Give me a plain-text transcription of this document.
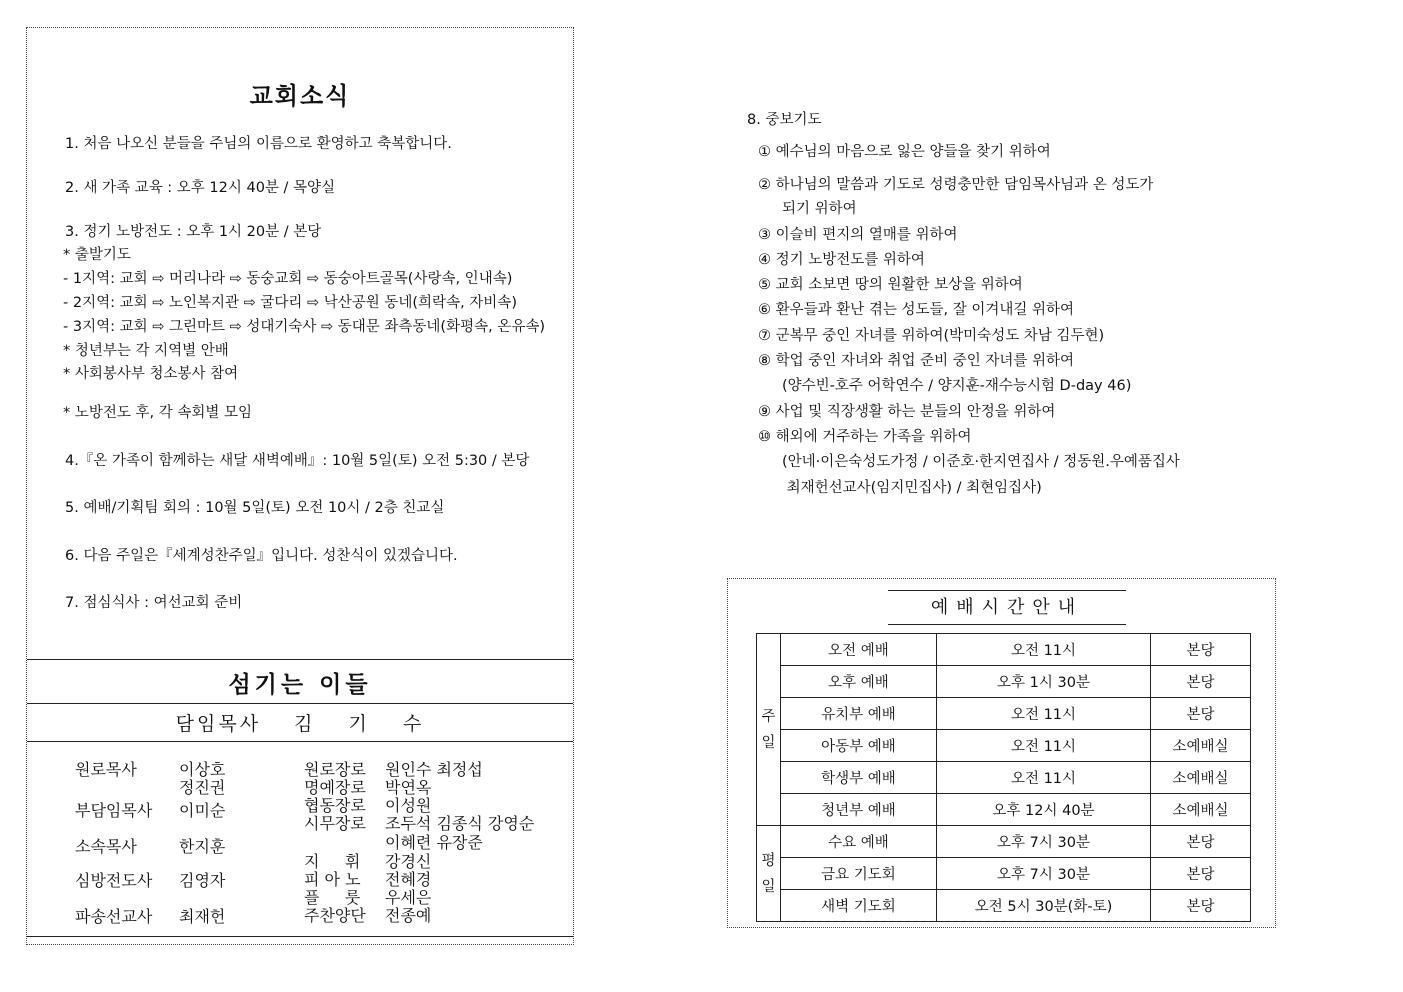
교회소식
1. 처음 나오신 분들을 주님의 이름으로 환영하고 축복합니다.
2. 새 가족 교육 : 오후 12시 40분 / 목양실
3. 정기 노방전도 : 오후 1시 20분 / 본당
* 출발기도
- 1지역: 교회 ⇨ 머리나라 ⇨ 동숭교회 ⇨ 동숭아트골목(사랑속, 인내속)
- 2지역: 교회 ⇨ 노인복지관 ⇨ 굴다리 ⇨ 낙산공원 동네(희락속, 자비속)
- 3지역: 교회 ⇨ 그린마트 ⇨ 성대기숙사 ⇨ 동대문 좌측동네(화평속, 온유속)
* 청년부는 각 지역별 안배
* 사회봉사부 청소봉사 참여
* 노방전도 후, 각 속회별 모임
4.『온 가족이 함께하는 새달 새벽예배』: 10월 5일(토) 오전 5:30 / 본당
5. 예배/기획팀 회의 : 10월 5일(토) 오전 10시 / 2층 친교실
6. 다음 주일은『세계성찬주일』입니다. 성찬식이 있겠습니다.
7. 점심식사 : 여선교회 준비
섬기는 이들
담임목사 김 기 수
원로목사	이상호
정진권
부담임목사 이미순
소속목사	한지훈
심방전도사 김영자
파송선교사 최재헌
원로장로 원인수 최정섭
명예장로 박연옥
협동장로 이성원
시무장로 조두석 김종식 강영순
이혜련 유장준
지     휘 강경신
피 아 노 전혜경
플     룻 우세은
주찬양단 전종예
8. 중보기도
① 예수님의 마음으로 잃은 양들을 찾기 위하여
② 하나님의 말씀과 기도로 성령충만한 담임목사님과 온 성도가
되기 위하여
③ 이슬비 편지의 열매를 위하여
④ 정기 노방전도를 위하여
⑤ 교회 소보면 땅의 원활한 보상을 위하여
⑥ 환우들과 환난 겪는 성도들, 잘 이겨내길 위하여
⑦ 군복무 중인 자녀를 위하여(박미숙성도 차남 김두현)
⑧ 학업 중인 자녀와 취업 준비 중인 자녀를 위하여
(양수빈-호주 어학연수 / 양지훈-재수능시험 D-day 46)
⑨ 사업 및 직장생활 하는 분들의 안정을 위하여
⑩ 해외에 거주하는 가족을 위하여
(안네·이은숙성도가정 / 이준호·한지연집사 / 정동원.우예품집사
최재헌선교사(임지민집사) / 최현임집사)
예배시간안내
주
일	오전 예배	오전 11시	본당
	오후 예배	오후 1시 30분	본당
	유치부 예배	오전 11시	본당
	아동부 예배	오전 11시	소예배실
	학생부 예배	오전 11시	소예배실
	청년부 예배	오후 12시 40분	소예배실

평
일	수요 예배	오후 7시 30분	본당
	금요 기도회	오후 7시 30분	본당
	새벽 기도회	오전 5시 30분(화-토)	본당
